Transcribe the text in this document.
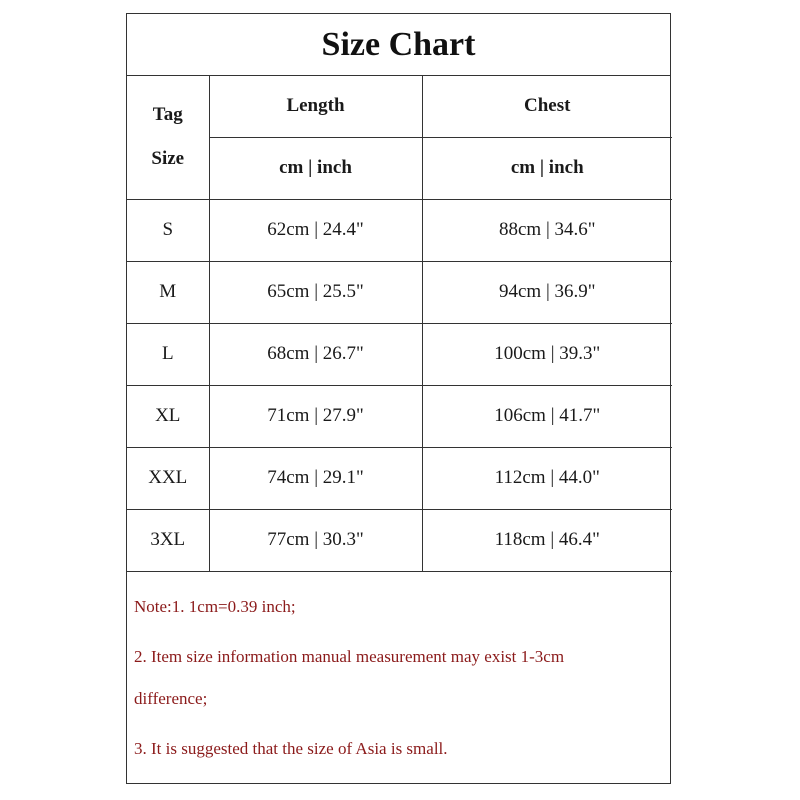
Size Chart
Tag
Size	Length	Chest
	cm | inch	cm | inch
S	62cm | 24.4"	88cm | 34.6"
M	65cm | 25.5"	94cm | 36.9"
L	68cm | 26.7"	100cm | 39.3"
XL	71cm | 27.9"	106cm | 41.7"
XXL	74cm | 29.1"	112cm | 44.0"
3XL	77cm | 30.3"	118cm | 46.4"
Note:1. 1cm=0.39 inch;
2. Item size information manual measurement may exist 1-3cm
difference;
3. It is suggested that the size of Asia is small.
